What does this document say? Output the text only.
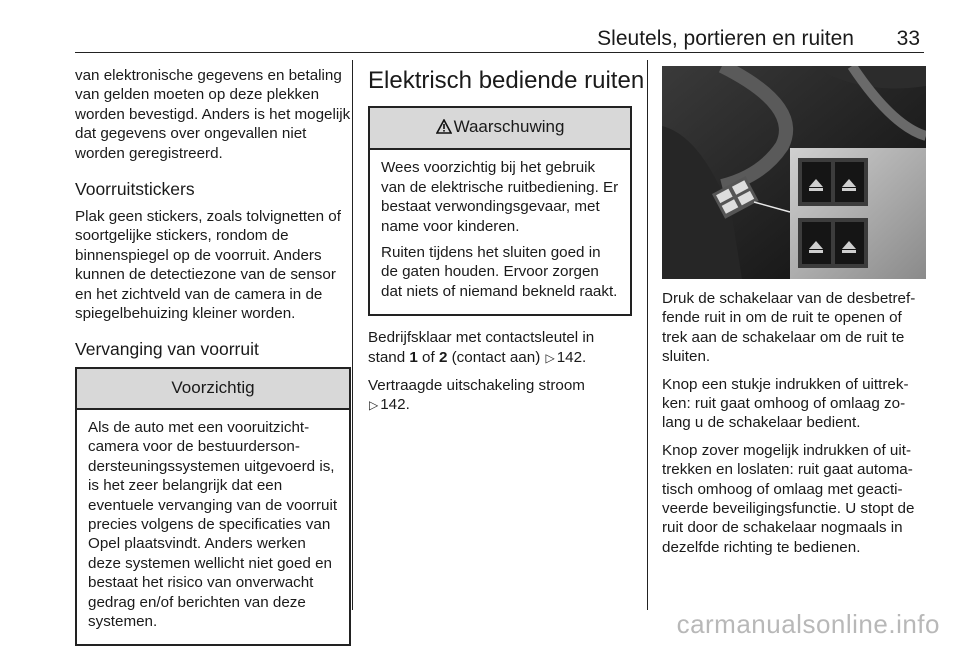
Sleutels, portieren en ruiten 33

van elektronische gegevens en betaling van gelden moeten op deze plekken worden bevestigd. Anders is het mogelijk dat gegevens over ongevallen niet worden geregistreerd.

Voorruitstickers

Plak geen stickers, zoals tolvignetten of soortgelijke stickers, rondom de binnenspiegel op de voorruit. Anders kunnen de detectiezone van de sensor en het zichtveld van de camera in de spiegelbehuizing kleiner worden.

Vervanging van voorruit
Voorzichtig

Als de auto met een vooruitzichtcamera voor de bestuurdersondersteuningssystemen uitgevoerd is, is het zeer belangrijk dat een eventuele vervanging van de voorruit precies volgens de specificaties van Opel plaatsvindt. Anders werken deze systemen wellicht niet goed en bestaat het risico van onverwacht gedrag en/of berichten van deze systemen.

Elektrisch bediende ruiten
Waarschuwing

Wees voorzichtig bij het gebruik van de elektrische ruitbediening. Er bestaat verwondingsgevaar, met name voor kinderen.

Ruiten tijdens het sluiten goed in de gaten houden. Ervoor zorgen dat niets of niemand bekneld raakt.

Bedrijfsklaar met contactsleutel in stand 1 of 2 (contact aan) ▷ 142.

Vertraagde uitschakeling stroom
▷ 142.

Druk de schakelaar van de desbetreffende ruit in om de ruit te openen of trek aan de schakelaar om de ruit te sluiten.

Knop een stukje indrukken of uittrekken: ruit gaat omhoog of omlaag zolang u de schakelaar bedient.

Knop zover mogelijk indrukken of uittrekken en loslaten: ruit gaat automatisch omhoog of omlaag met geactiveerde beveiligingsfunctie. U stopt de ruit door de schakelaar nogmaals in dezelfde richting te bedienen.

carmanualsonline.info
